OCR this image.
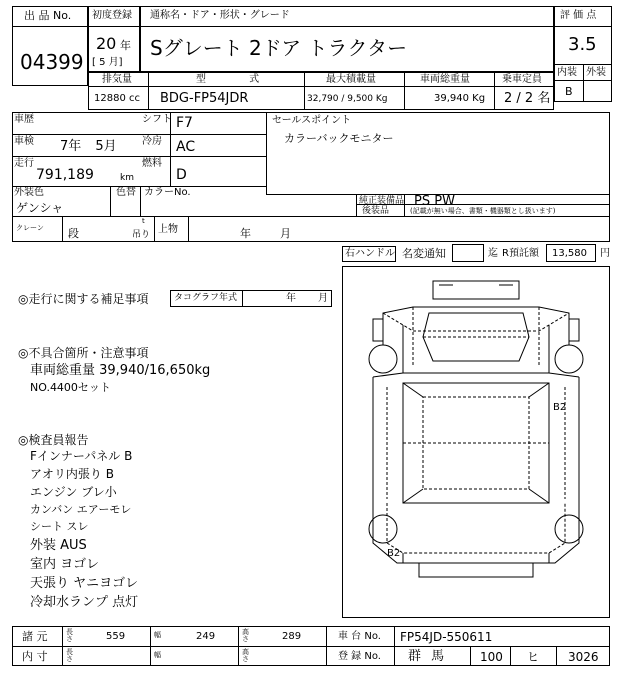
出 品 No.
04399
初度登録
20 年
[ 5 月]
通称名・ドア・形状・グレード
Sグレート 2ドア トラクター
評 価 点
3.5
内装 外装
B
排気量	型 式	最大積載量	車両総重量	乗車定員
12880 cc BDG-FP54JDR	32,790 / 9,500 Kg	39,940 Kg 2 / 2 名
車歴	シフト F7
車検 7年 5月	冷房 AC
走行
791,189	km
燃料
D
セールスポイント
カラーバックモニター
外装色
ゲンシャ
色替 カラーNo.
純正装備品 PS PW
後装品	(記載が無い場合、書類・機器類とし扱います)
クレーン 段
t
吊り 上物	年	月
右ハンドル 名変通知	迄 R預託額 13,580 円
◎走行に関する補足事項	タコグラフ年式	年 月
◎不具合箇所・注意事項
車両総重量 39,940/16,650kg
NO.4400セット
◎検査員報告
Fインナーパネル B
アオリ内張り B
エンジン ブレ小
カンバン エアーモレ
シート スレ
外装 AUS
室内 ヨゴレ
天張り ヤニヨゴレ
冷却水ランプ 点灯
B2
B2
諸 元	長さ	559	幅	249	高さ	289	車 台 No. FP54JD-550611
内 寸	長さ	幅	高さ	登 録 No. 群 馬	100 ヒ 3026
